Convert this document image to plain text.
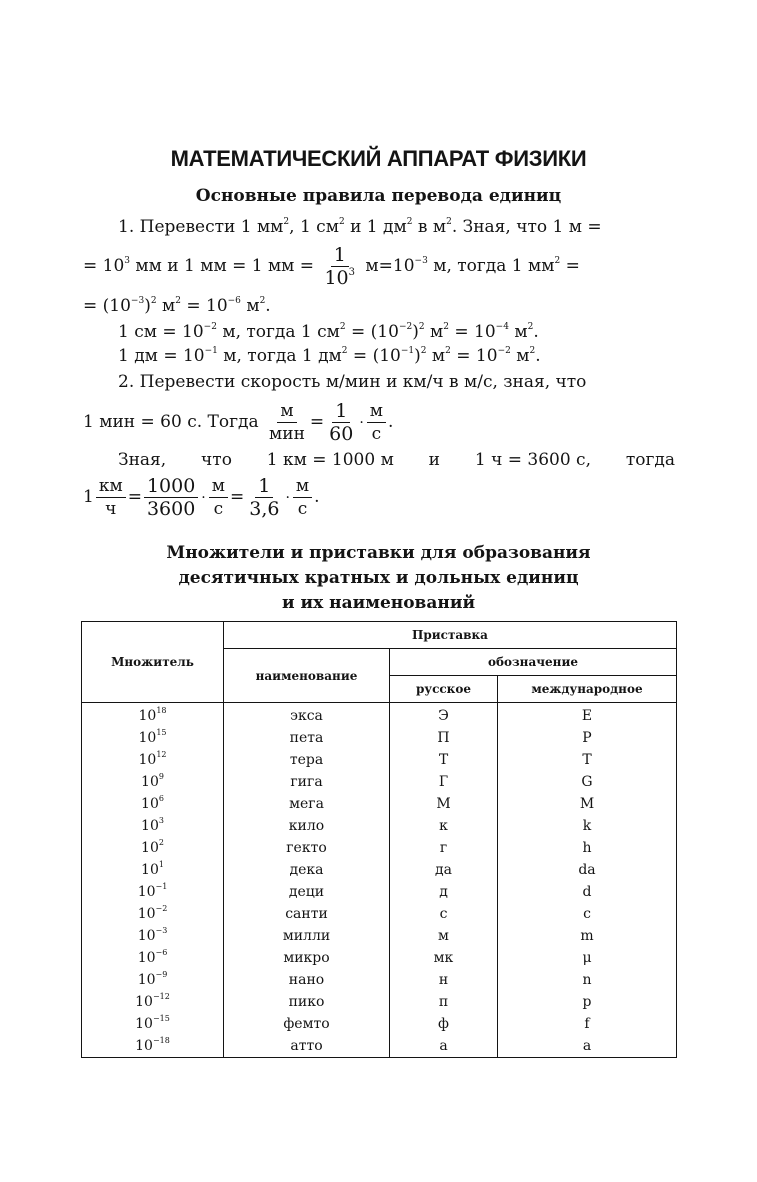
МАТЕМАТИЧЕСКИЙ АППАРАТ ФИЗИКИ
Основные правила перевода единиц
1. Перевести 1 $мм^2$, 1 $см^2$ и 1 $дм^2$ в $м^2$. Зная, что 1 м =
= $10^3$ мм и 1 мм = 1 мм = $\frac{1}{10^3} м=10^{-3}$ м, тогда 1 $мм^2$ =
= $(10^{-3})^2$ $м^2 = 10^{-6}$ $м^2$.
1 см = $10^{-2}$ м, тогда 1 $см^2 = (10^{-2})^2$ $м^2 = 10^{-4}$ $м^2$.
1 дм = $10^{-1}$ м, тогда 1 $дм^2 = (10^{-1})^2$ $м^2 = 10^{-2}$ $м^2$.
2. Перевести скорость м/мин и км/ч в м/с, зная, что
1 мин = 60 с. Тогда $\frac{м}{\text{мин}} = \frac{1}{60} \cdot \frac{м}{с}$ .
Зная, что 1 км = 1000 м и 1 ч = 3600 с, тогда
$1 \frac{км}{ч} = \frac{1000}{3600} \cdot \frac{м}{с} = \frac{1}{3,6} \cdot \frac{м}{с}$ .
Множители и приставки для образования
десятичных кратных и дольных единиц
и их наименований
Множитель	Приставка		
	наименование	обозначение	
		русское	международное
$10^{18}$	экса	Э	E
$10^{15}$	пета	П	P
$10^{12}$	тера	Т	T
$10^9$	гига	Г	G
$10^6$	мега	М	M
$10^3$	кило	к	k
$10^2$	гекто	г	h
$10^1$	дека	да	da
$10^{-1}$	деци	д	d
$10^{-2}$	санти	с	c
$10^{-3}$	милли	м	m
$10^{-6}$	микро	мк	μ
$10^{-9}$	нано	н	n
$10^{-12}$	пико	п	p
$10^{-15}$	фемто	ф	f
$10^{-18}$	атто	а	a
